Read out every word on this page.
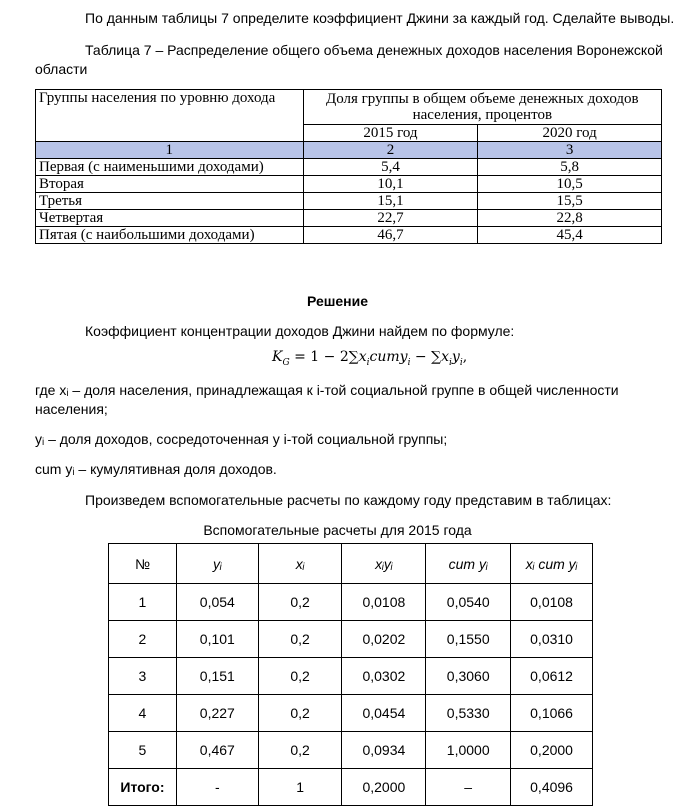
По данным таблицы 7 определите коэффициент Джини за каждый год. Сделайте выводы.
Таблица 7 – Распределение общего объема денежных доходов населения Воронежской
области
Группы населения по уровню дохода	Доля группы в общем объеме денежных доходов населения, процентов	
	2015 год	2020 год
1	2	3
Первая (с наименьшими доходами)	5,4	5,8
Вторая	10,1	10,5
Третья	15,1	15,5
Четвертая	22,7	22,8
Пятая (с наибольшими доходами)	46,7	45,4
Решение
Коэффициент концентрации доходов Джини найдем по формуле:
$K_G = 1$ − $2\sum x_icumy_i - \sum x_iy_i$,
где xᵢ – доля населения, принадлежащая к i-той социальной группе в общей численности
населения;
yᵢ – доля доходов, сосредоточенная у i-той социальной группы;
cum yᵢ – кумулятивная доля доходов.
Произведем вспомогательные расчеты по каждому году представим в таблицах:
Вспомогательные расчеты для 2015 года
№	yᵢ	xᵢ	xᵢyᵢ	cum yᵢ	xᵢ cum yᵢ
1	0,054	0,2	0,0108	0,0540	0,0108
2	0,101	0,2	0,0202	0,1550	0,0310
3	0,151	0,2	0,0302	0,3060	0,0612
4	0,227	0,2	0,0454	0,5330	0,1066
5	0,467	0,2	0,0934	1,0000	0,2000
Итого:	-	1	0,2000	–	0,4096
